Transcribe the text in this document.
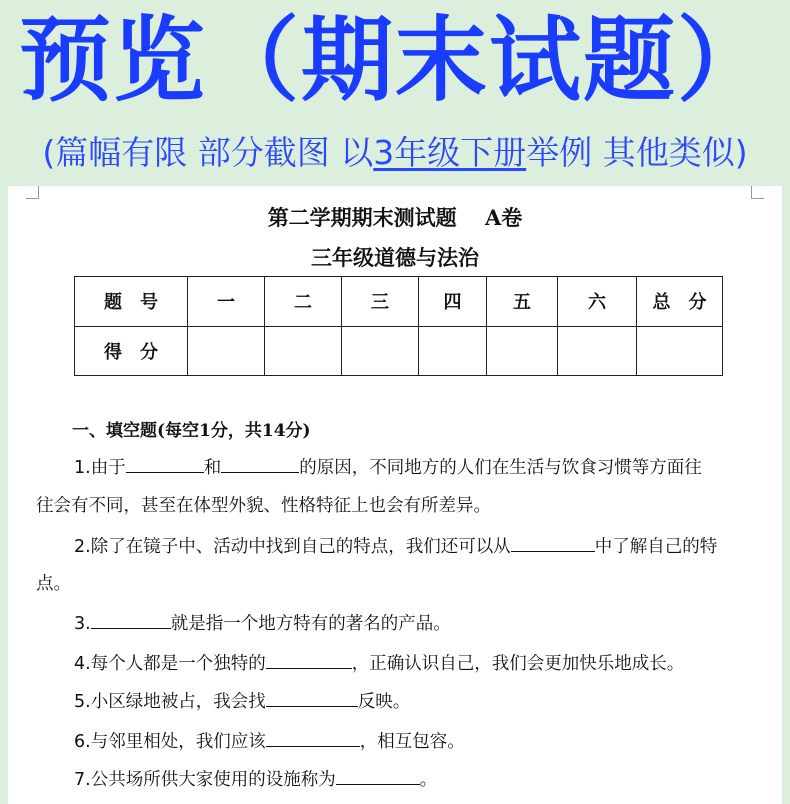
预览（期末试题）
(篇幅有限 部分截图 以3年级下册举例 其他类似)
第二学期期末测试题　 A卷
三年级道德与法治
题　号	一	二	三	四	五	六	总　分
得　分							
一、填空题(每空1分，共14分)
1.由于	和	的原因，不同地方的人们在生活与饮食习惯等方面往
往会有不同，甚至在体型外貌、性格特征上也会有所差异。
2.除了在镜子中、活动中找到自己的特点，我们还可以从	中了解自己的特
点。
3.	就是指一个地方特有的著名的产品。
4.每个人都是一个独特的	，正确认识自己，我们会更加快乐地成长。
5.小区绿地被占，我会找	反映。
6.与邻里相处，我们应该	，相互包容。
7.公共场所供大家使用的设施称为	。
